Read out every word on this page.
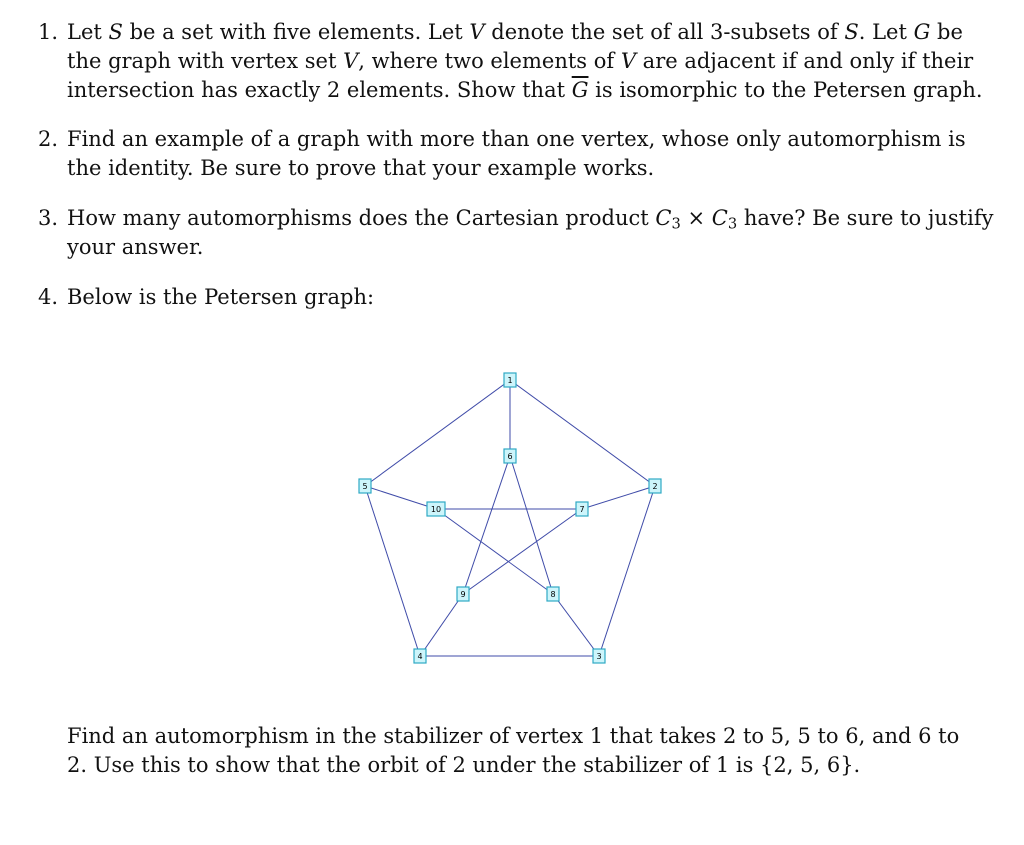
1. Let S be a set with five elements. Let V denote the set of all 3-subsets of S. Let G be
the graph with vertex set V, where two elements of V are adjacent if and only if their
intersection has exactly 2 elements. Show that $\overline{G}$ is isomorphic to the Petersen graph.
2. Find an example of a graph with more than one vertex, whose only automorphism is
the identity. Be sure to prove that your example works.
3. How many automorphisms does the Cartesian product $C_3 \times C_3$ have? Be sure to justify
your answer.
4. Below is the Petersen graph:
1
2
3
4
5
6
7
8
9
10
Find an automorphism in the stabilizer of vertex 1 that takes 2 to 5, 5 to 6, and 6 to
2. Use this to show that the orbit of 2 under the stabilizer of 1 is {2, 5, 6}.
